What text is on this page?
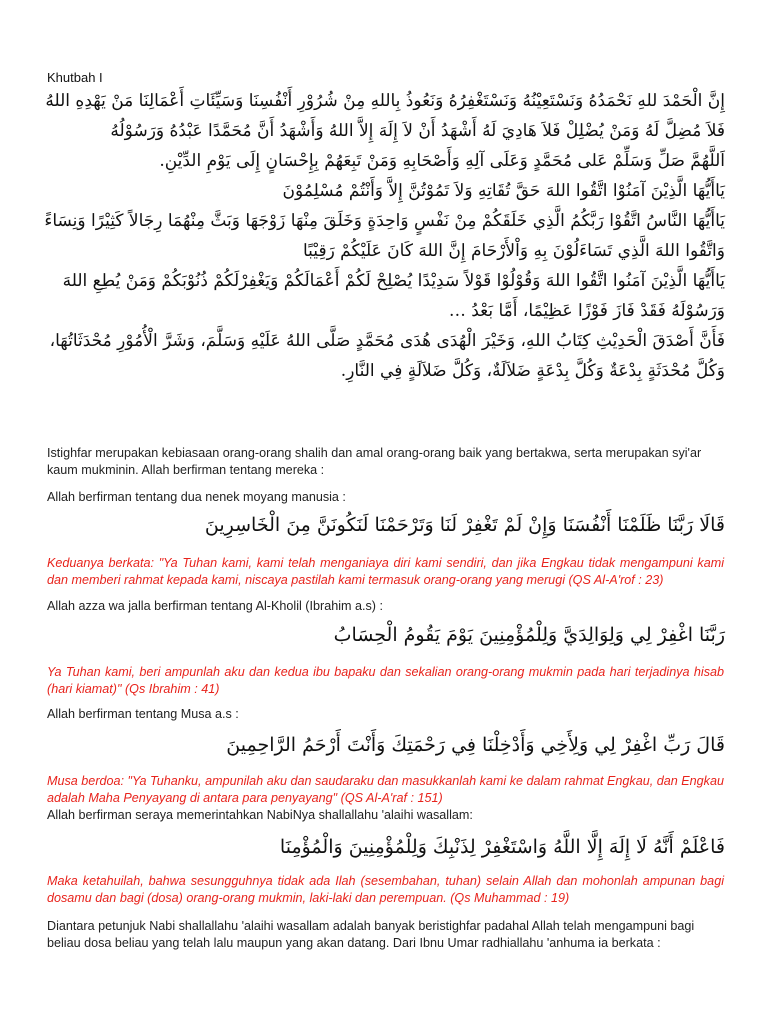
Khutbah I

إِنَّ الْحَمْدَ للهِ نَحْمَدُهُ وَنَسْتَعِيْنُهُ وَنَسْتَغْفِرُهُ وَنَعُوذُ بِاللهِ مِنْ شُرُوْرِ أَنْفُسِنَا وَسَيِّئَاتِ أَعْمَالِنَا مَنْ يَهْدِهِ اللهُ فَلاَ مُضِلَّ لَهُ وَمَنْ يُضْلِلْ فَلاَ هَادِيَ لَهُ أَشْهَدُ أَنْ لاَ إِلَهَ إِلاَّ اللهُ وَأَشْهَدُ أَنَّ مُحَمَّدًا عَبْدُهُ وَرَسُوْلُهُ

اَللَّهُمَّ صَلِّ وَسَلِّمْ عَلى مُحَمَّدٍ وَعَلَى آلِهِ وَأَصْحَابِهِ وَمَنْ تَبِعَهُمْ بِإِحْسَانٍ إِلَى يَوْمِ الدِّيْنِ.

يَاأَيُّهَا الَّذِيْنَ آمَنُوْا اتَّقُوا اللهَ حَقَّ تُقَاتِهِ وَلاَ تَمُوْتُنَّ إِلاَّ وَأَنْتُمْ مُسْلِمُوْنَ

يَاأَيُّهَا النَّاسُ اتَّقُوْا رَبَّكُمُ الَّذِي خَلَقَكُمْ مِنْ نَفْسٍ وَاحِدَةٍ وَخَلَقَ مِنْهَا زَوْجَهَا وَبَثَّ مِنْهُمَا رِجَالاً كَثِيْرًا وَنِسَاءً وَاتَّقُوا اللهَ الَّذِي تَسَاءَلُوْنَ بِهِ وَاْلأَرْحَامَ إِنَّ اللهَ كَانَ عَلَيْكُمْ رَقِيْبًا

يَاأَيُّهَا الَّذِيْنَ آمَنُوا اتَّقُوا اللهَ وَقُوْلُوْا قَوْلاً سَدِيْدًا يُصْلِحْ لَكُمْ أَعْمَالَكُمْ وَيَغْفِرْلَكُمْ ذُنُوْبَكُمْ وَمَنْ يُطِعِ اللهَ وَرَسُوْلَهُ فَقَدْ فَازَ فَوْزًا عَظِيْمًا، أَمَّا بَعْدُ …

فَأَنَّ أَصْدَقَ الْحَدِيْثِ كِتَابُ اللهِ، وَخَيْرَ الْهُدَى هُدَى مُحَمَّدٍ صَلَّى اللهُ عَلَيْهِ وَسَلَّمَ، وَشَرَّ الْأُمُوْرِ مُحْدَثَاتُهَا، وَكُلَّ مُحْدَثَةٍ بِدْعَةٌ وَكُلَّ بِدْعَةٍ ضَلاَلَةٌ، وَكُلَّ ضَلاَلَةٍ فِي النَّارِ.

Istighfar merupakan kebiasaan orang-orang shalih dan amal orang-orang baik yang bertakwa, serta merupakan syi'ar kaum mukminin. Allah berfirman tentang mereka :
Allah berfirman tentang dua nenek moyang manusia :
قَالَا رَبَّنَا ظَلَمْنَا أَنْفُسَنَا وَإِنْ لَمْ تَغْفِرْ لَنَا وَتَرْحَمْنَا لَنَكُونَنَّ مِنَ الْخَاسِرِينَ
Keduanya berkata: "Ya Tuhan kami, kami telah menganiaya diri kami sendiri, dan jika Engkau tidak mengampuni kami dan memberi rahmat kepada kami, niscaya pastilah kami termasuk orang-orang yang merugi (QS Al-A'rof : 23)
Allah azza wa jalla berfirman tentang Al-Kholil (Ibrahim a.s) :
رَبَّنَا اغْفِرْ لِي وَلِوَالِدَيَّ وَلِلْمُؤْمِنِينَ يَوْمَ يَقُومُ الْحِسَابُ
Ya Tuhan kami, beri ampunlah aku dan kedua ibu bapaku dan sekalian orang-orang mukmin pada hari terjadinya hisab (hari kiamat)" (Qs Ibrahim : 41)
Allah berfirman tentang Musa a.s :
قَالَ رَبِّ اغْفِرْ لِي وَلِأَخِي وَأَدْخِلْنَا فِي رَحْمَتِكَ وَأَنْتَ أَرْحَمُ الرَّاحِمِينَ
Musa berdoa: "Ya Tuhanku, ampunilah aku dan saudaraku dan masukkanlah kami ke dalam rahmat Engkau, dan Engkau adalah Maha Penyayang di antara para penyayang" (QS Al-A'raf : 151)
Allah berfirman seraya memerintahkan NabiNya shallallahu 'alaihi wasallam:
فَاعْلَمْ أَنَّهُ لَا إِلَهَ إِلَّا اللَّهُ وَاسْتَغْفِرْ لِذَنْبِكَ وَلِلْمُؤْمِنِينَ وَالْمُؤْمِنَا
Maka ketahuilah, bahwa sesungguhnya tidak ada Ilah (sesembahan, tuhan) selain Allah dan mohonlah ampunan bagi dosamu dan bagi (dosa) orang-orang mukmin, laki-laki dan perempuan. (Qs Muhammad : 19)
Diantara petunjuk Nabi shallallahu 'alaihi wasallam adalah banyak beristighfar padahal Allah telah mengampuni bagi beliau dosa beliau yang telah lalu maupun yang akan datang. Dari Ibnu Umar radhiallahu 'anhuma ia berkata :
